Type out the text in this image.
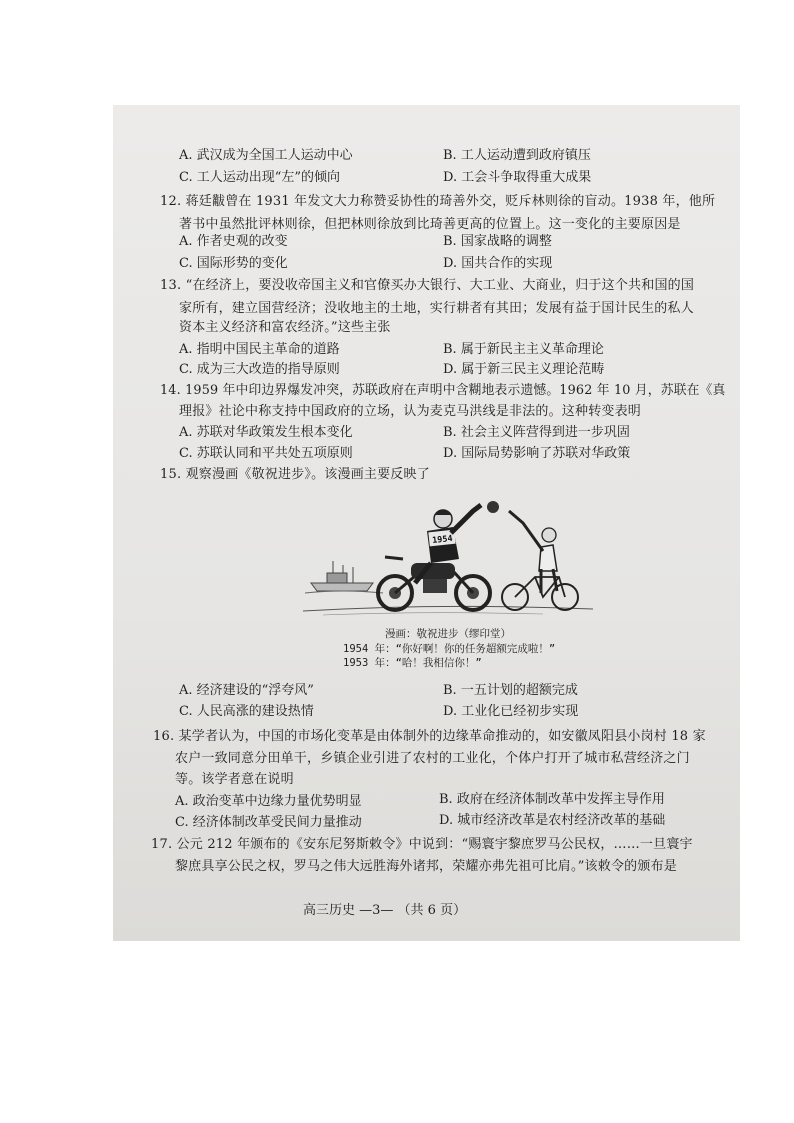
A. 武汉成为全国工人运动中心	B. 工人运动遭到政府镇压
C. 工人运动出现“左”的倾向	D. 工会斗争取得重大成果
12. 蒋廷黻曾在 1931 年发文大力称赞妥协性的琦善外交，贬斥林则徐的盲动。1938 年，他所
著书中虽然批评林则徐，但把林则徐放到比琦善更高的位置上。这一变化的主要原因是
A. 作者史观的改变	B. 国家战略的调整
C. 国际形势的变化	D. 国共合作的实现
13. “在经济上，要没收帝国主义和官僚买办大银行、大工业、大商业，归于这个共和国的国
家所有，建立国营经济；没收地主的土地，实行耕者有其田；发展有益于国计民生的私人
资本主义经济和富农经济。”这些主张
A. 指明中国民主革命的道路	B. 属于新民主主义革命理论
C. 成为三大改造的指导原则	D. 属于新三民主义理论范畴
14. 1959 年中印边界爆发冲突，苏联政府在声明中含糊地表示遗憾。1962 年 10 月，苏联在《真
理报》社论中称支持中国政府的立场，认为麦克马洪线是非法的。这种转变表明
A. 苏联对华政策发生根本变化	B. 社会主义阵营得到进一步巩固
C. 苏联认同和平共处五项原则	D. 国际局势影响了苏联对华政策
15. 观察漫画《敬祝进步》。该漫画主要反映了
1954
漫画：敬祝进步（缪印堂）
1954 年：“你好啊！你的任务超额完成啦！”
1953 年：“哈！我相信你！”
A. 经济建设的“浮夸风”	B. 一五计划的超额完成
C. 人民高涨的建设热情	D. 工业化已经初步实现
16. 某学者认为，中国的市场化变革是由体制外的边缘革命推动的，如安徽凤阳县小岗村 18 家
农户一致同意分田单干，乡镇企业引进了农村的工业化，个体户打开了城市私营经济之门
等。该学者意在说明
A. 政治变革中边缘力量优势明显	B. 政府在经济体制改革中发挥主导作用
C. 经济体制改革受民间力量推动	D. 城市经济改革是农村经济改革的基础
17. 公元 212 年颁布的《安东尼努斯敕令》中说到：“赐寰宇黎庶罗马公民权，……一旦寰宇
黎庶具享公民之权，罗马之伟大远胜海外诸邦，荣耀亦弗先祖可比肩。”该敕令的颁布是
高三历史 —3— （共 6 页）
